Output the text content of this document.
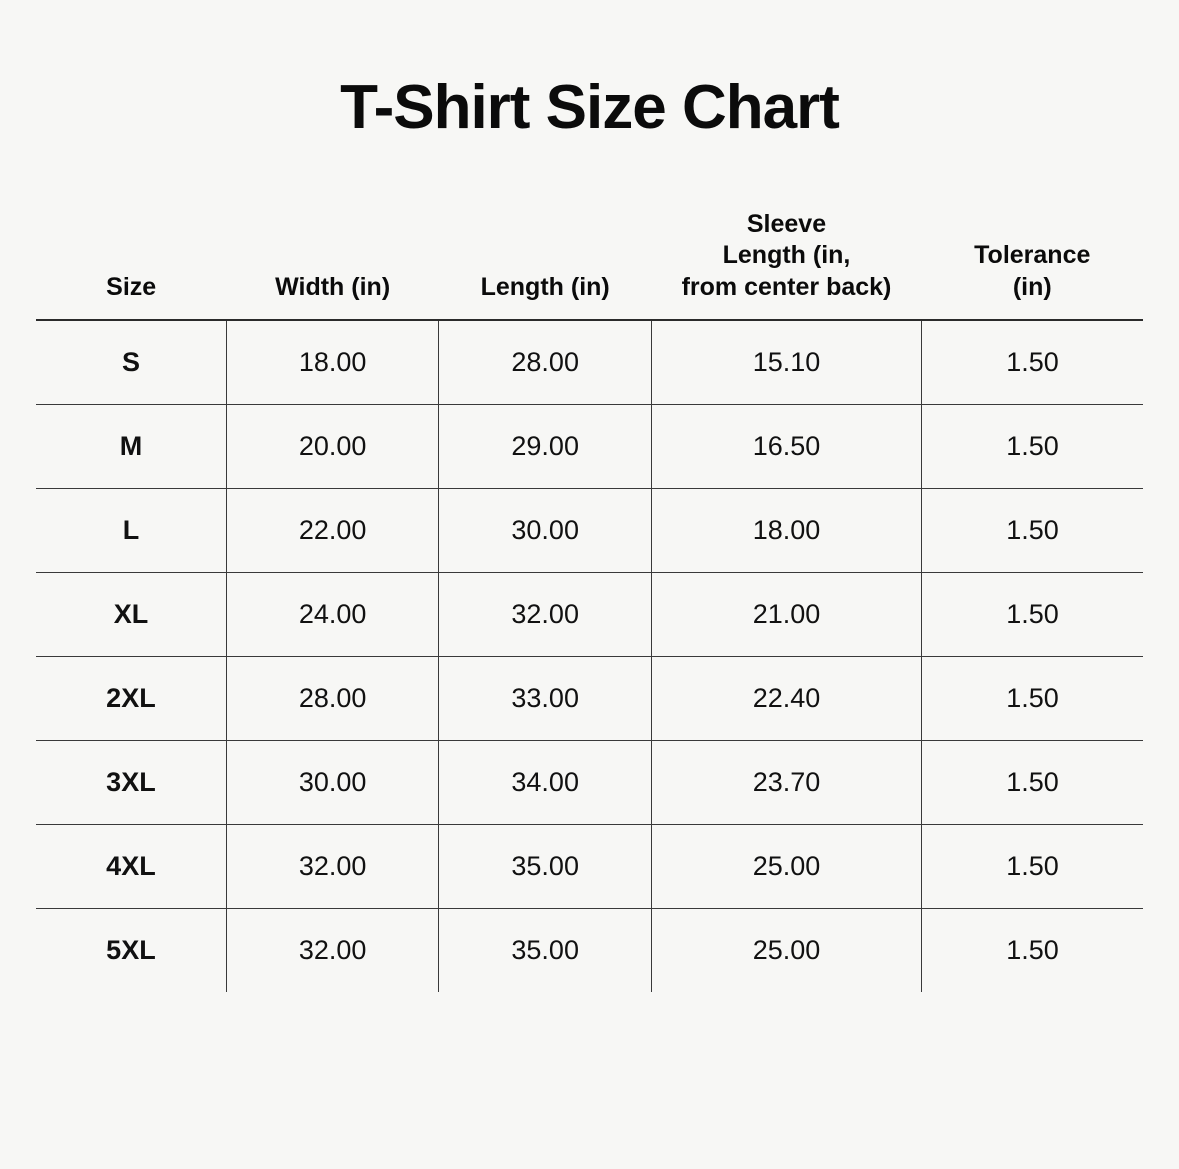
T-Shirt Size Chart
Size	Width (in)	Length (in)	Sleeve
Length (in,
from center back)	Tolerance
(in)
S	18.00	28.00	15.10	1.50
M	20.00	29.00	16.50	1.50
L	22.00	30.00	18.00	1.50
XL	24.00	32.00	21.00	1.50
2XL	28.00	33.00	22.40	1.50
3XL	30.00	34.00	23.70	1.50
4XL	32.00	35.00	25.00	1.50
5XL	32.00	35.00	25.00	1.50
